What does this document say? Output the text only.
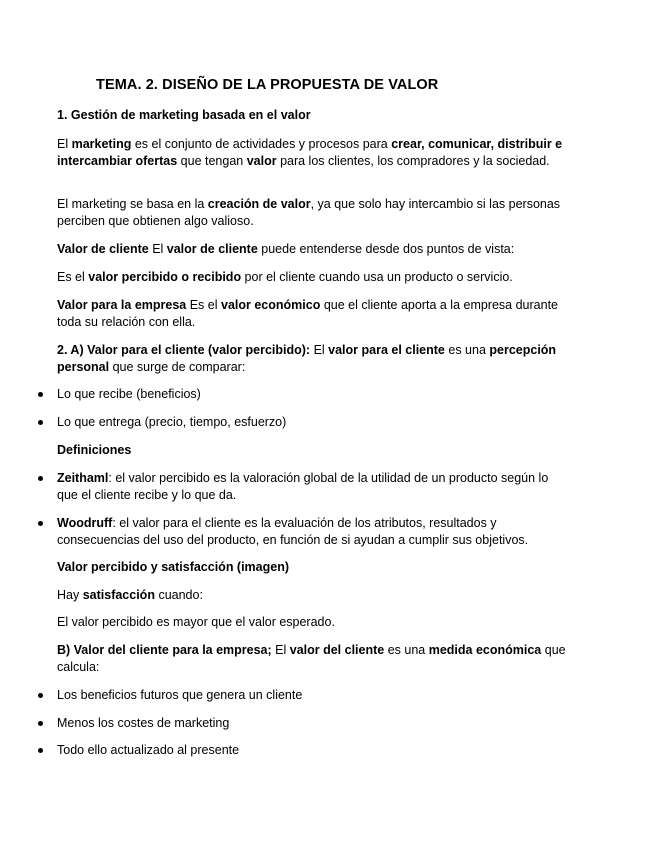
TEMA. 2. DISEÑO DE LA PROPUESTA DE VALOR
1. Gestión de marketing basada en el valor
El marketing es el conjunto de actividades y procesos para crear, comunicar, distribuir e intercambiar ofertas que tengan valor para los clientes, los compradores y la sociedad.
El marketing se basa en la creación de valor, ya que solo hay intercambio si las personas perciben que obtienen algo valioso.
Valor de cliente El valor de cliente puede entenderse desde dos puntos de vista:
Es el valor percibido o recibido por el cliente cuando usa un producto o servicio.
Valor para la empresa Es el valor económico que el cliente aporta a la empresa durante toda su relación con ella.
2. A) Valor para el cliente (valor percibido): El valor para el cliente es una percepción personal que surge de comparar:
Lo que recibe (beneficios)
Lo que entrega (precio, tiempo, esfuerzo)
Definiciones
Zeithaml: el valor percibido es la valoración global de la utilidad de un producto según lo que el cliente recibe y lo que da.
Woodruff: el valor para el cliente es la evaluación de los atributos, resultados y consecuencias del uso del producto, en función de si ayudan a cumplir sus objetivos.
Valor percibido y satisfacción (imagen)
Hay satisfacción cuando:
El valor percibido es mayor que el valor esperado.
B) Valor del cliente para la empresa; El valor del cliente es una medida económica que calcula:
Los beneficios futuros que genera un cliente
Menos los costes de marketing
Todo ello actualizado al presente
